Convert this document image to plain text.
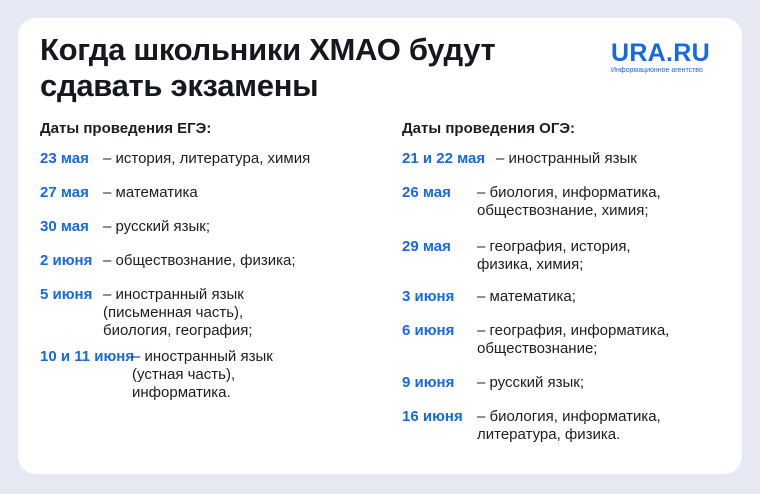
Когда школьники ХМАО будут
сдавать экзамены
URA.RU
Информационное агентство
Даты проведения ЕГЭ:	Даты проведения ОГЭ:
23 мая – история, литература, химия
27 мая – математика
30 мая – русский язык;
2 июня – обществознание, физика;
5 июня – иностранный язык
(письменная часть),
биология, география;
10 и 11 июня
– иностранный язык
(устная часть),
информатика.
21 и 22 мая – иностранный язык
26 мая – биология, информатика,
обществознание, химия;
29 мая – география, история,
физика, химия;
3 июня – математика;
6 июня – география, информатика,
обществознание;
9 июня – русский язык;
16 июня – биология, информатика,
литература, физика.
